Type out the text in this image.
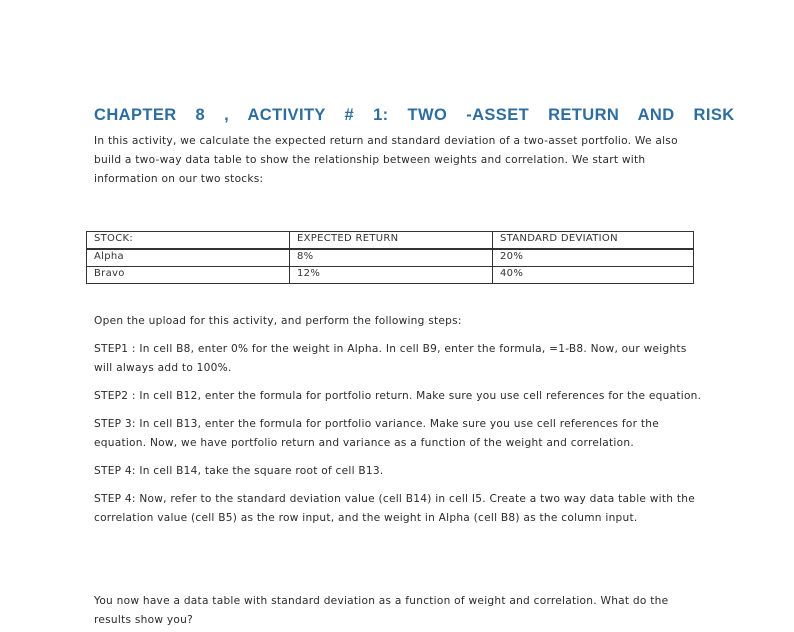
CHAPTER 8 , ACTIVITY # 1: TWO -ASSET RETURN AND RISK

In this activity, we calculate the expected return and standard deviation of a two-asset portfolio. We also build a two-way data table to show the relationship between weights and correlation. We start with information on our two stocks:

STOCK:	EXPECTED RETURN	STANDARD DEVIATION
Alpha	8%	20%
Bravo	12%	40%

Open the upload for this activity, and perform the following steps:

STEP1 : In cell B8, enter 0% for the weight in Alpha. In cell B9, enter the formula, =1-B8. Now, our weights will always add to 100%.

STEP2 : In cell B12, enter the formula for portfolio return. Make sure you use cell references for the equation.

STEP 3: In cell B13, enter the formula for portfolio variance. Make sure you use cell references for the equation. Now, we have portfolio return and variance as a function of the weight and correlation.

STEP 4: In cell B14, take the square root of cell B13.

STEP 4: Now, refer to the standard deviation value (cell B14) in cell I5. Create a two way data table with the correlation value (cell B5) as the row input, and the weight in Alpha (cell B8) as the column input.

You now have a data table with standard deviation as a function of weight and correlation. What do the results show you?
